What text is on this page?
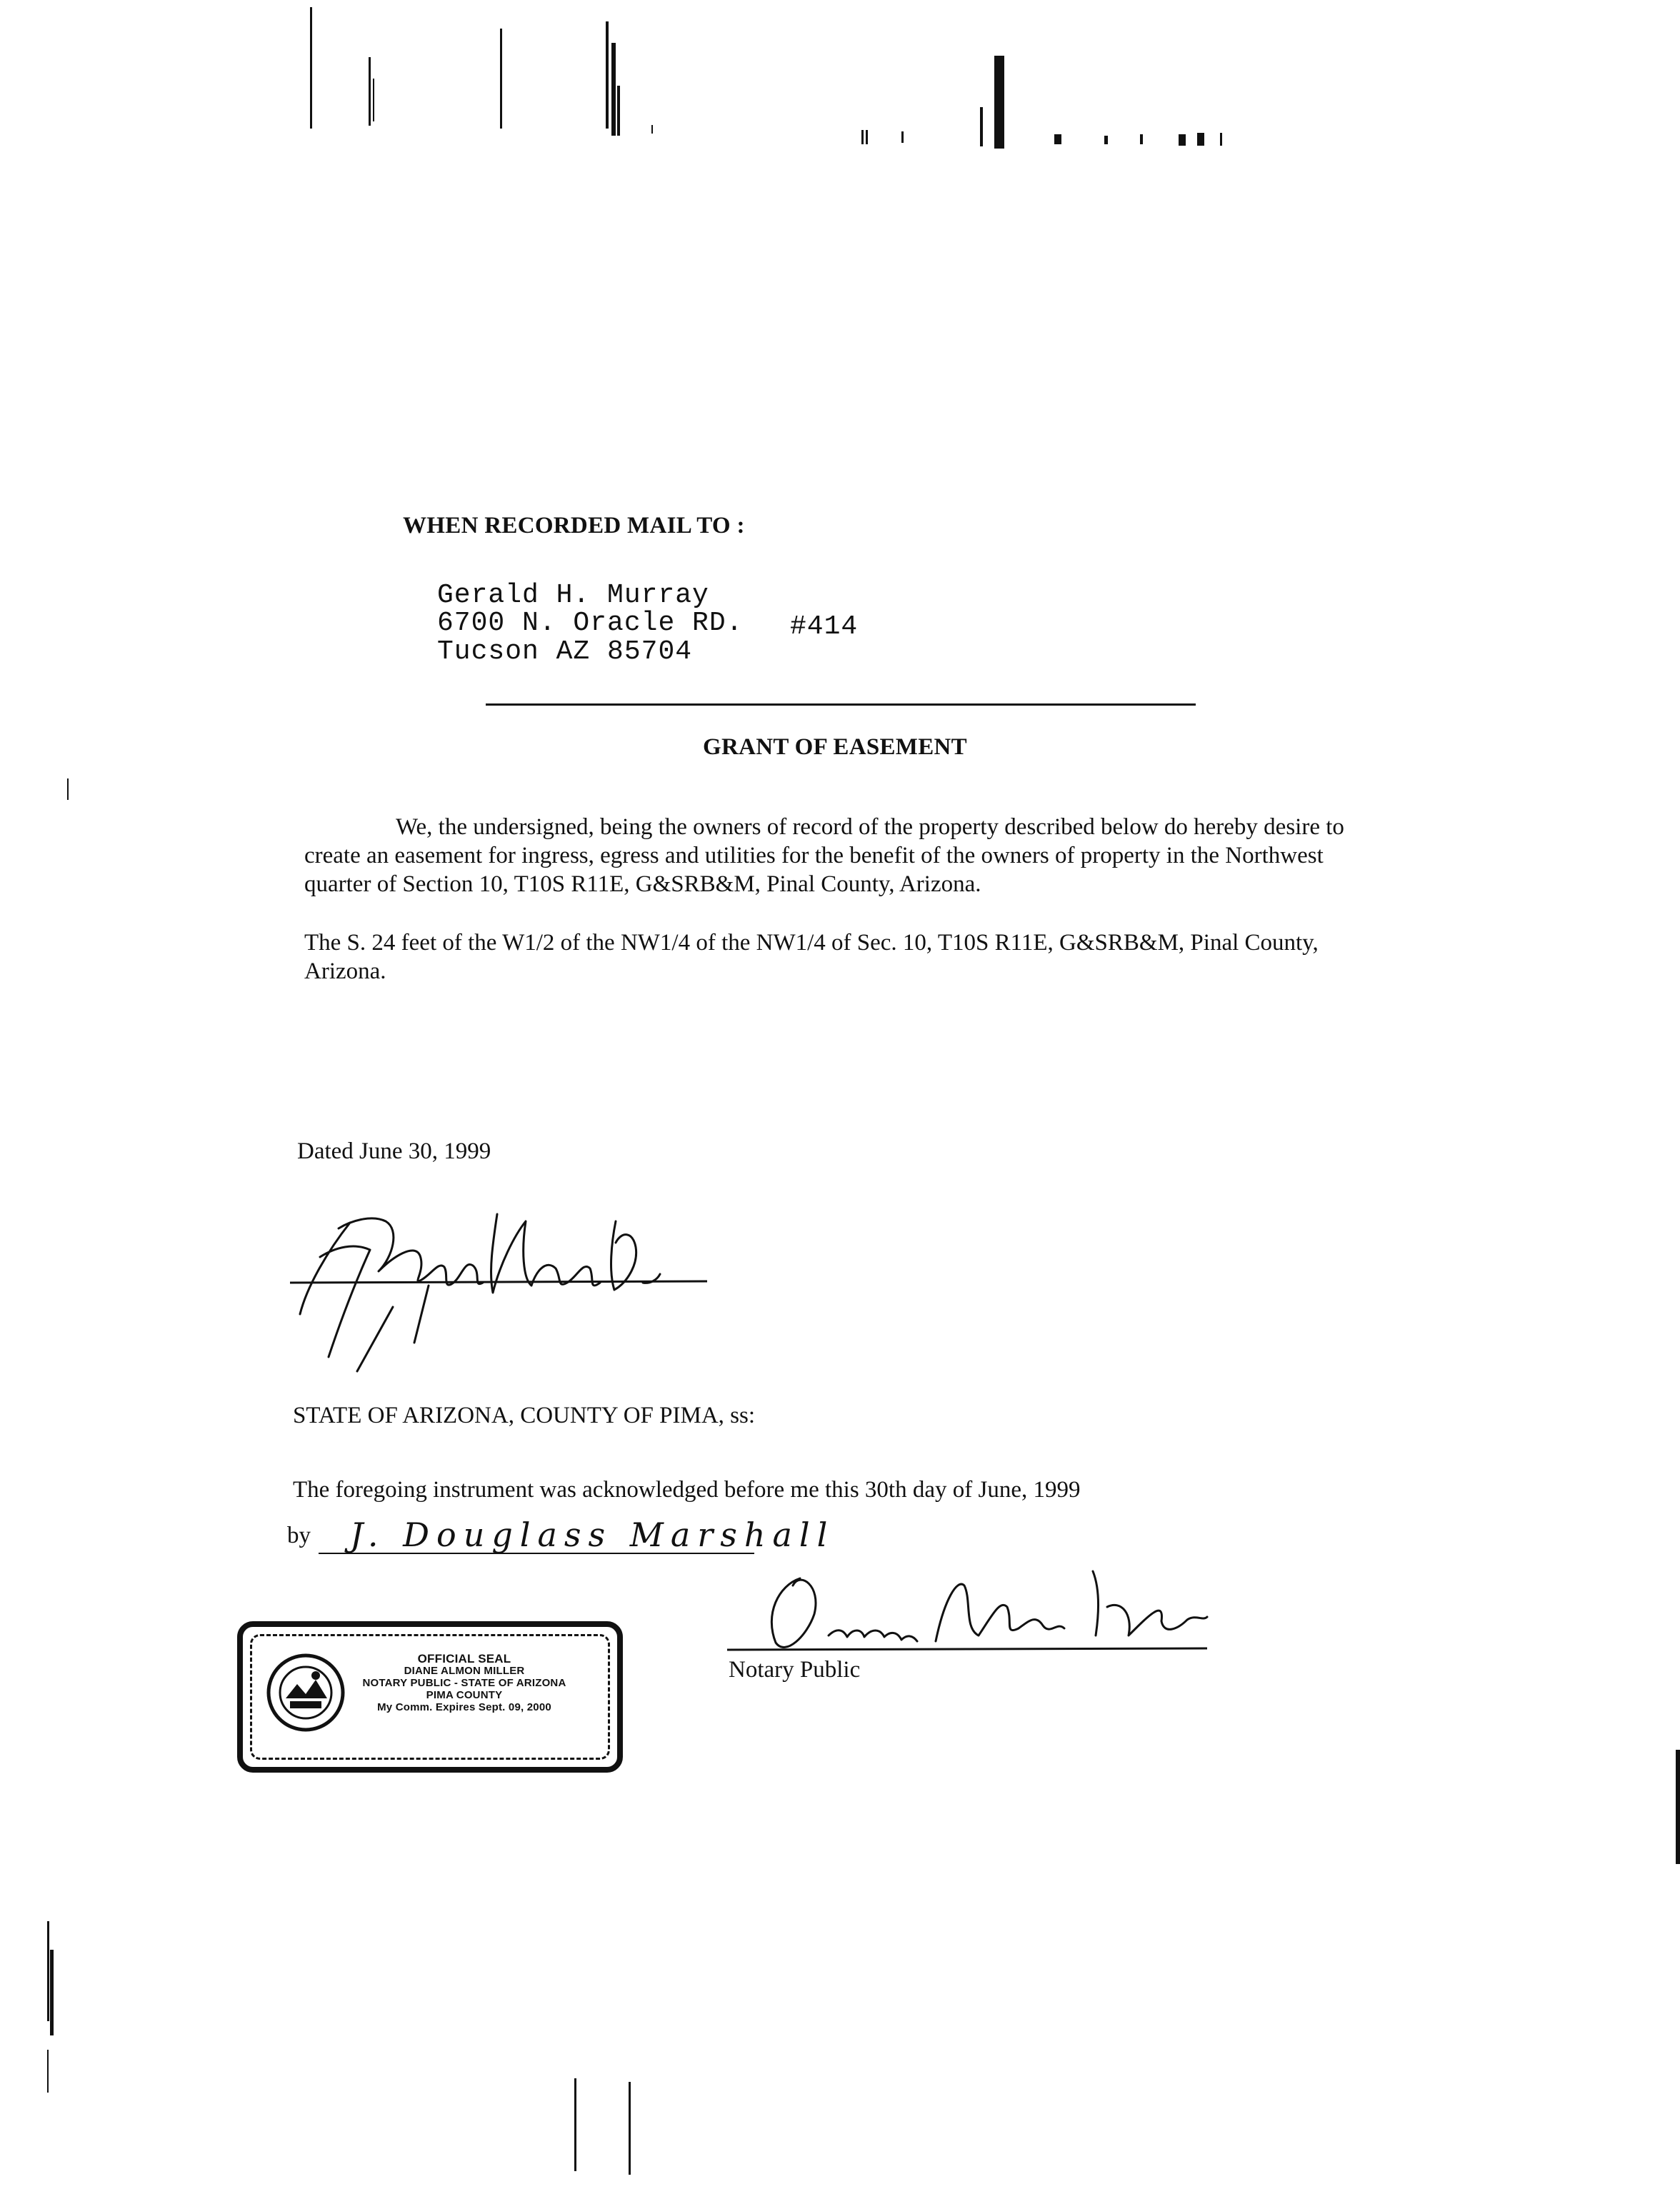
WHEN RECORDED MAIL TO :
Gerald H. Murray
6700 N. Oracle RD. #414
Tucson AZ 85704
GRANT OF EASEMENT
We, the undersigned, being the owners of record of the property described below do hereby desire to create an easement for ingress, egress and utilities for the benefit of the owners of property in the Northwest quarter of Section 10, T10S R11E, G&SRB&M, Pinal County, Arizona.
The S. 24 feet of the W1/2 of the NW1/4 of the NW1/4 of Sec. 10, T10S R11E, G&SRB&M, Pinal County, Arizona.
Dated June 30, 1999
STATE OF ARIZONA, COUNTY OF PIMA, ss:
The foregoing instrument was acknowledged before me this 30th day of June, 1999
by J. Douglass Marshall
Notary Public
OFFICIAL SEAL
DIANE ALMON MILLER
NOTARY PUBLIC - STATE OF ARIZONA
PIMA COUNTY
My Comm. Expires Sept. 09, 2000
